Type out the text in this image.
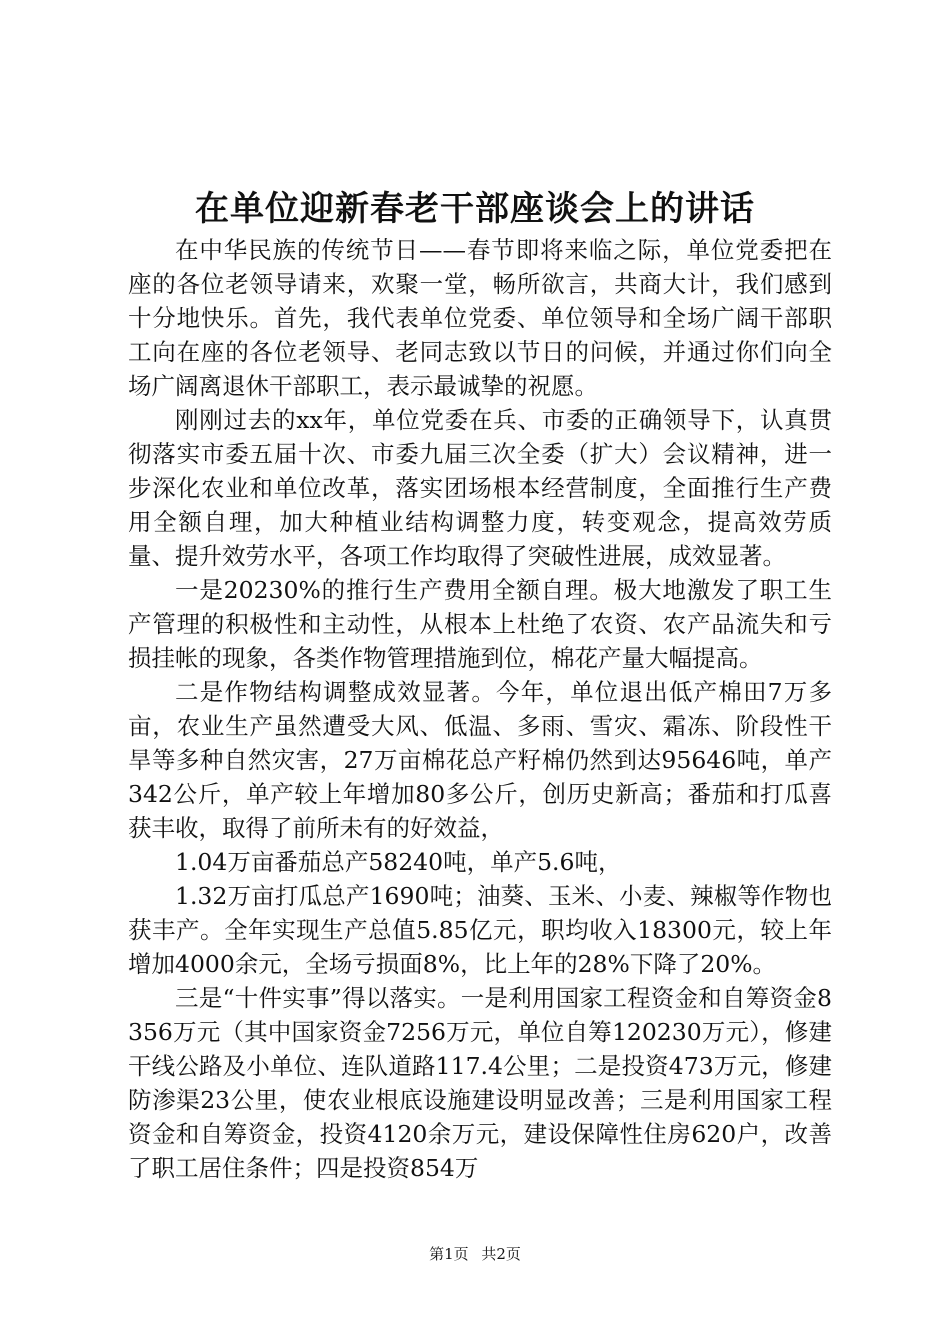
在单位迎新春老干部座谈会上的讲话

在中华民族的传统节日——春节即将来临之际，单位党委把在座的各位老领导请来，欢聚一堂，畅所欲言，共商大计，我们感到十分地快乐。首先，我代表单位党委、单位领导和全场广阔干部职工向在座的各位老领导、老同志致以节日的问候，并通过你们向全场广阔离退休干部职工，表示最诚挚的祝愿。

刚刚过去的xx年，单位党委在兵、市委的正确领导下，认真贯彻落实市委五届十次、市委九届三次全委（扩大）会议精神，进一步深化农业和单位改革，落实团场根本经营制度，全面推行生产费用全额自理，加大种植业结构调整力度，转变观念，提高效劳质量、提升效劳水平，各项工作均取得了突破性进展，成效显著。

一是20230%的推行生产费用全额自理。极大地激发了职工生产管理的积极性和主动性，从根本上杜绝了农资、农产品流失和亏损挂帐的现象，各类作物管理措施到位，棉花产量大幅提高。

二是作物结构调整成效显著。今年，单位退出低产棉田7万多亩，农业生产虽然遭受大风、低温、多雨、雪灾、霜冻、阶段性干旱等多种自然灾害，27万亩棉花总产籽棉仍然到达95646吨，单产342公斤，单产较上年增加80多公斤，创历史新高；番茄和打瓜喜获丰收，取得了前所未有的好效益，

1.04万亩番茄总产58240吨，单产5.6吨，

1.32万亩打瓜总产1690吨；油葵、玉米、小麦、辣椒等作物也获丰产。全年实现生产总值5.85亿元，职均收入18300元，较上年增加4000余元，全场亏损面8%，比上年的28%下降了20%。

三是“十件实事”得以落实。一是利用国家工程资金和自筹资金8356万元（其中国家资金7256万元，单位自筹120230万元），修建干线公路及小单位、连队道路117.4公里；二是投资473万元，修建防渗渠23公里，使农业根底设施建设明显改善；三是利用国家工程资金和自筹资金，投资4120余万元，建设保障性住房620户，改善了职工居住条件；四是投资854万

第1页 共2页
